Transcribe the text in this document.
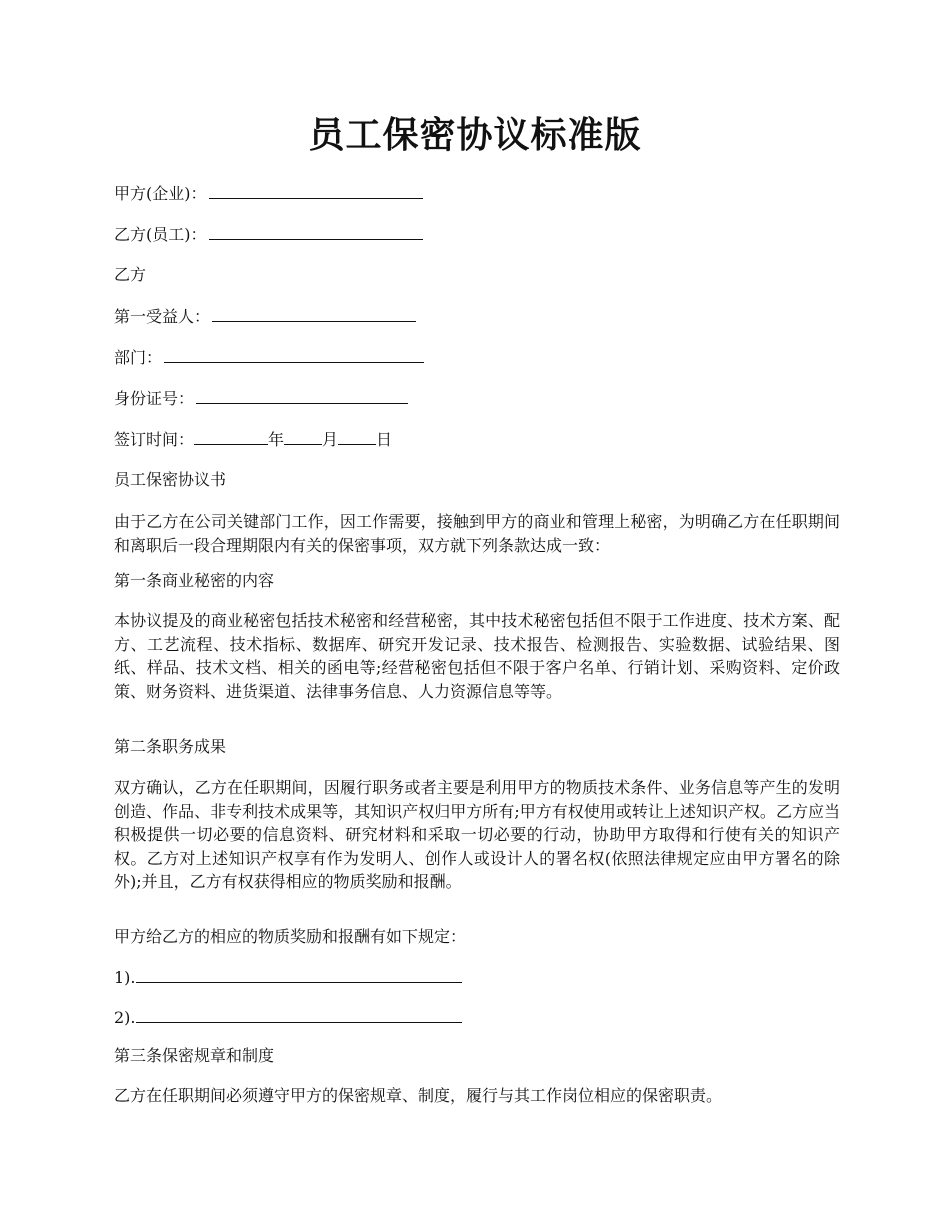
员工保密协议标准版
甲方(企业)：
乙方(员工)：
乙方
第一受益人：
部门：
身份证号：
签订时间：	年 月 日
员工保密协议书
由于乙方在公司关键部门工作，因工作需要，接触到甲方的商业和管理上秘密，为明确乙方在任职期间和离职后一段合理期限内有关的保密事项，双方就下列条款达成一致：
第一条商业秘密的内容
本协议提及的商业秘密包括技术秘密和经营秘密，其中技术秘密包括但不限于工作进度、技术方案、配方、工艺流程、技术指标、数据库、研究开发记录、技术报告、检测报告、实验数据、试验结果、图纸、样品、技术文档、相关的函电等;经营秘密包括但不限于客户名单、行销计划、采购资料、定价政策、财务资料、进货渠道、法律事务信息、人力资源信息等等。
第二条职务成果
双方确认，乙方在任职期间，因履行职务或者主要是利用甲方的物质技术条件、业务信息等产生的发明创造、作品、非专利技术成果等，其知识产权归甲方所有;甲方有权使用或转让上述知识产权。乙方应当积极提供一切必要的信息资料、研究材料和采取一切必要的行动，协助甲方取得和行使有关的知识产权。乙方对上述知识产权享有作为发明人、创作人或设计人的署名权(依照法律规定应由甲方署名的除外);并且，乙方有权获得相应的物质奖励和报酬。
甲方给乙方的相应的物质奖励和报酬有如下规定：
1).
2).
第三条保密规章和制度
乙方在任职期间必须遵守甲方的保密规章、制度，履行与其工作岗位相应的保密职责。
